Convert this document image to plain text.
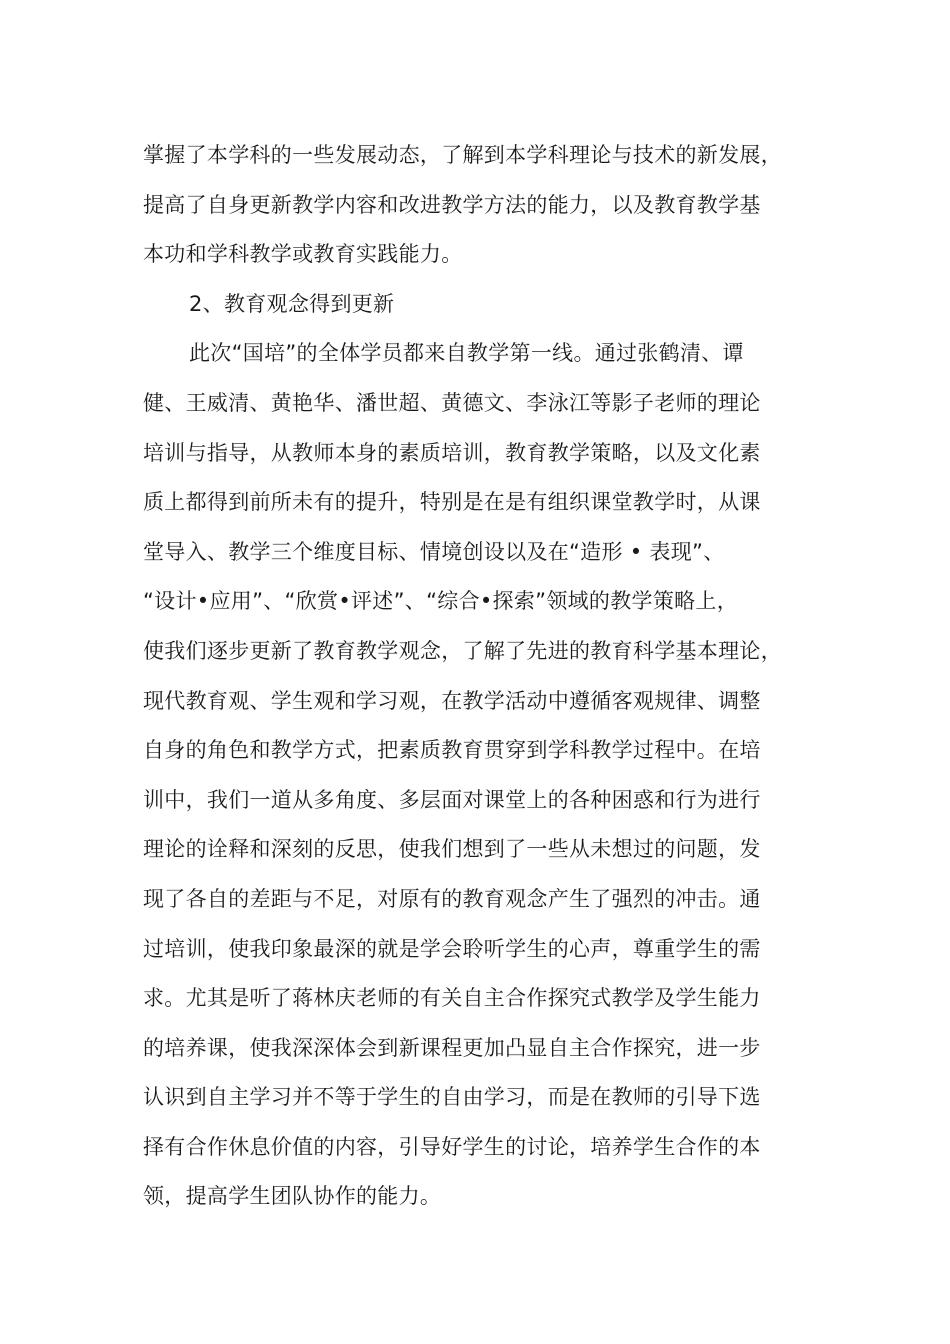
掌握了本学科的一些发展动态，了解到本学科理论与技术的新发展，
提高了自身更新教学内容和改进教学方法的能力，以及教育教学基
本功和学科教学或教育实践能力。
2、教育观念得到更新
此次“国培”的全体学员都来自教学第一线。通过张鹤清、谭
健、王威清、黄艳华、潘世超、黄德文、李泳江等影子老师的理论
培训与指导，从教师本身的素质培训，教育教学策略，以及文化素
质上都得到前所未有的提升，特别是在是有组织课堂教学时，从课
堂导入、教学三个维度目标、情境创设以及在“造形 • 表现”、
“设计•应用”、“欣赏•评述”、“综合•探索”领域的教学策略上，
使我们逐步更新了教育教学观念，了解了先进的教育科学基本理论，
现代教育观、学生观和学习观，在教学活动中遵循客观规律、调整
自身的角色和教学方式，把素质教育贯穿到学科教学过程中。在培
训中，我们一道从多角度、多层面对课堂上的各种困惑和行为进行
理论的诠释和深刻的反思，使我们想到了一些从未想过的问题，发
现了各自的差距与不足，对原有的教育观念产生了强烈的冲击。通
过培训，使我印象最深的就是学会聆听学生的心声，尊重学生的需
求。尤其是听了蒋林庆老师的有关自主合作探究式教学及学生能力
的培养课，使我深深体会到新课程更加凸显自主合作探究，进一步
认识到自主学习并不等于学生的自由学习，而是在教师的引导下选
择有合作休息价值的内容，引导好学生的讨论，培养学生合作的本
领，提高学生团队协作的能力。
